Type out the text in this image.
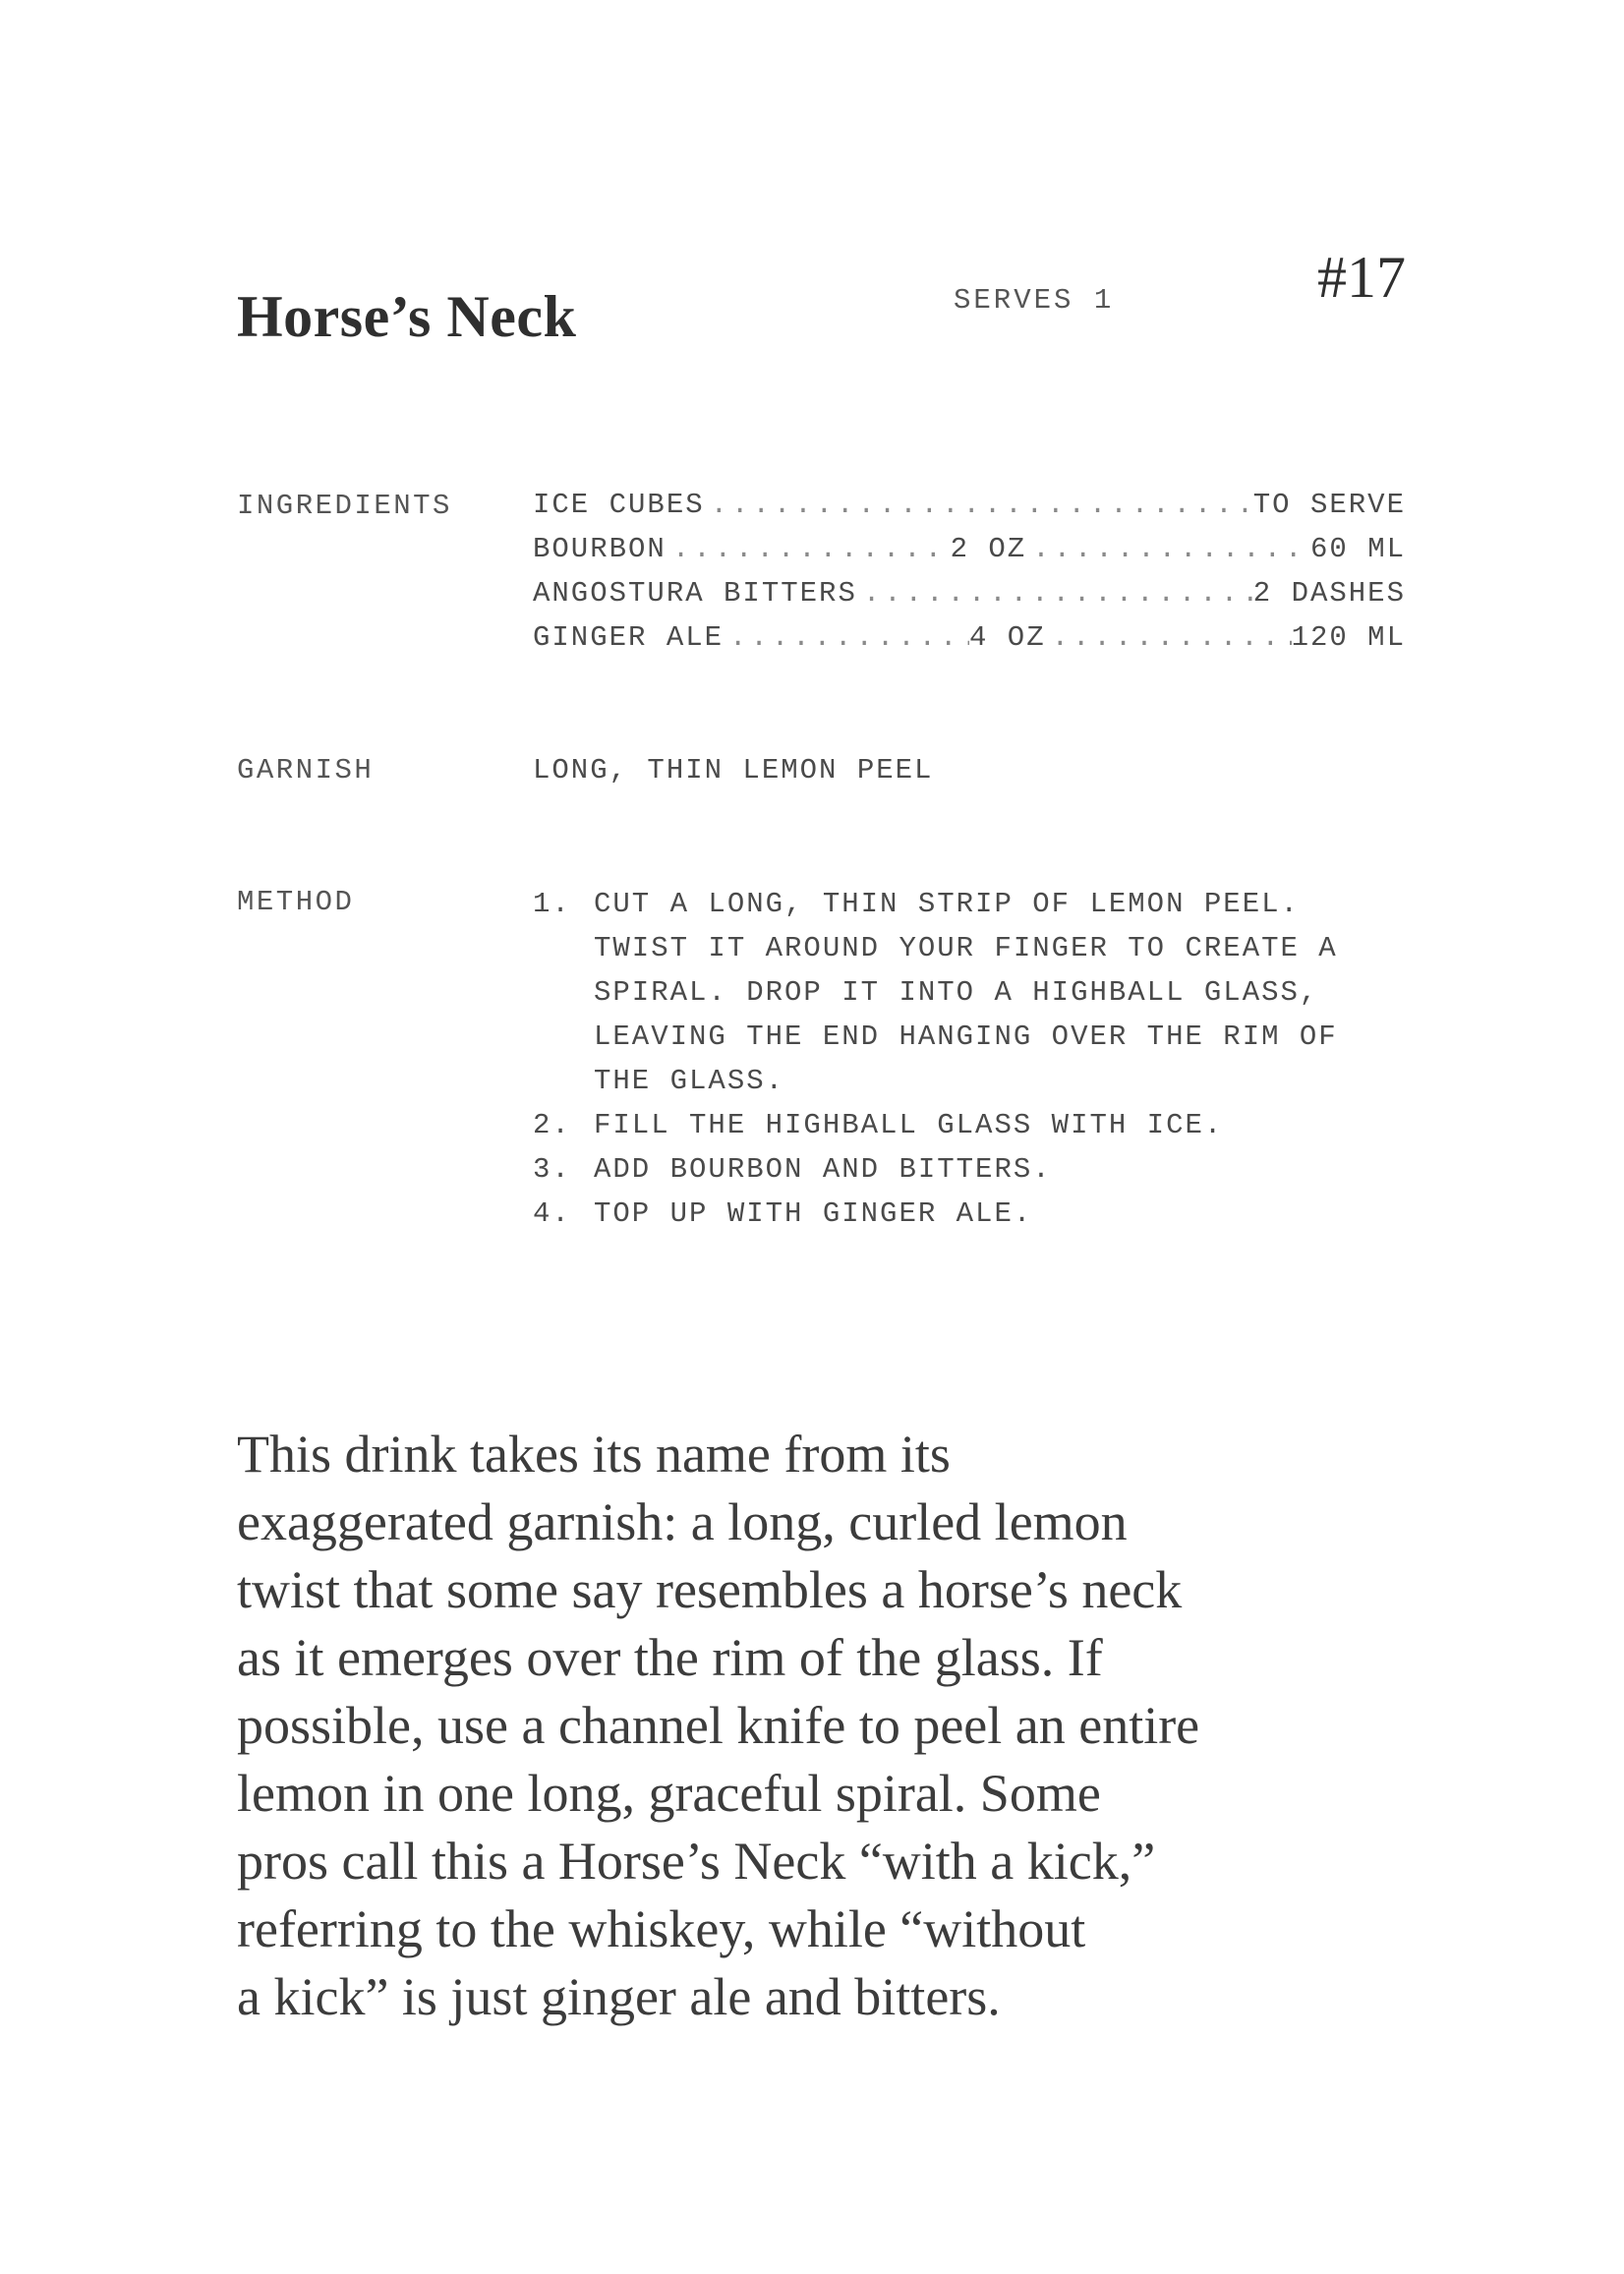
Horse’s Neck	SERVES 1	#17
INGREDIENTS	ICE CUBES .....	TO SERVE
BOURBON .....	2 OZ .....	60 ML
ANGOSTURA BITTERS .....	2 DASHES
GINGER ALE .....	4 OZ .....	120 ML
GARNISH	LONG, THIN LEMON PEEL
METHOD	1. CUT A LONG, THIN STRIP OF LEMON PEEL. TWIST IT AROUND YOUR FINGER TO CREATE A SPIRAL. DROP IT INTO A HIGHBALL GLASS, LEAVING THE END HANGING OVER THE RIM OF THE GLASS.
2. FILL THE HIGHBALL GLASS WITH ICE.
3. ADD BOURBON AND BITTERS.
4. TOP UP WITH GINGER ALE.

This drink takes its name from its
exaggerated garnish: a long, curled lemon
twist that some say resembles a horse’s neck
as it emerges over the rim of the glass. If
possible, use a channel knife to peel an entire
lemon in one long, graceful spiral. Some
pros call this a Horse’s Neck “with a kick,”
referring to the whiskey, while “without
a kick” is just ginger ale and bitters.
